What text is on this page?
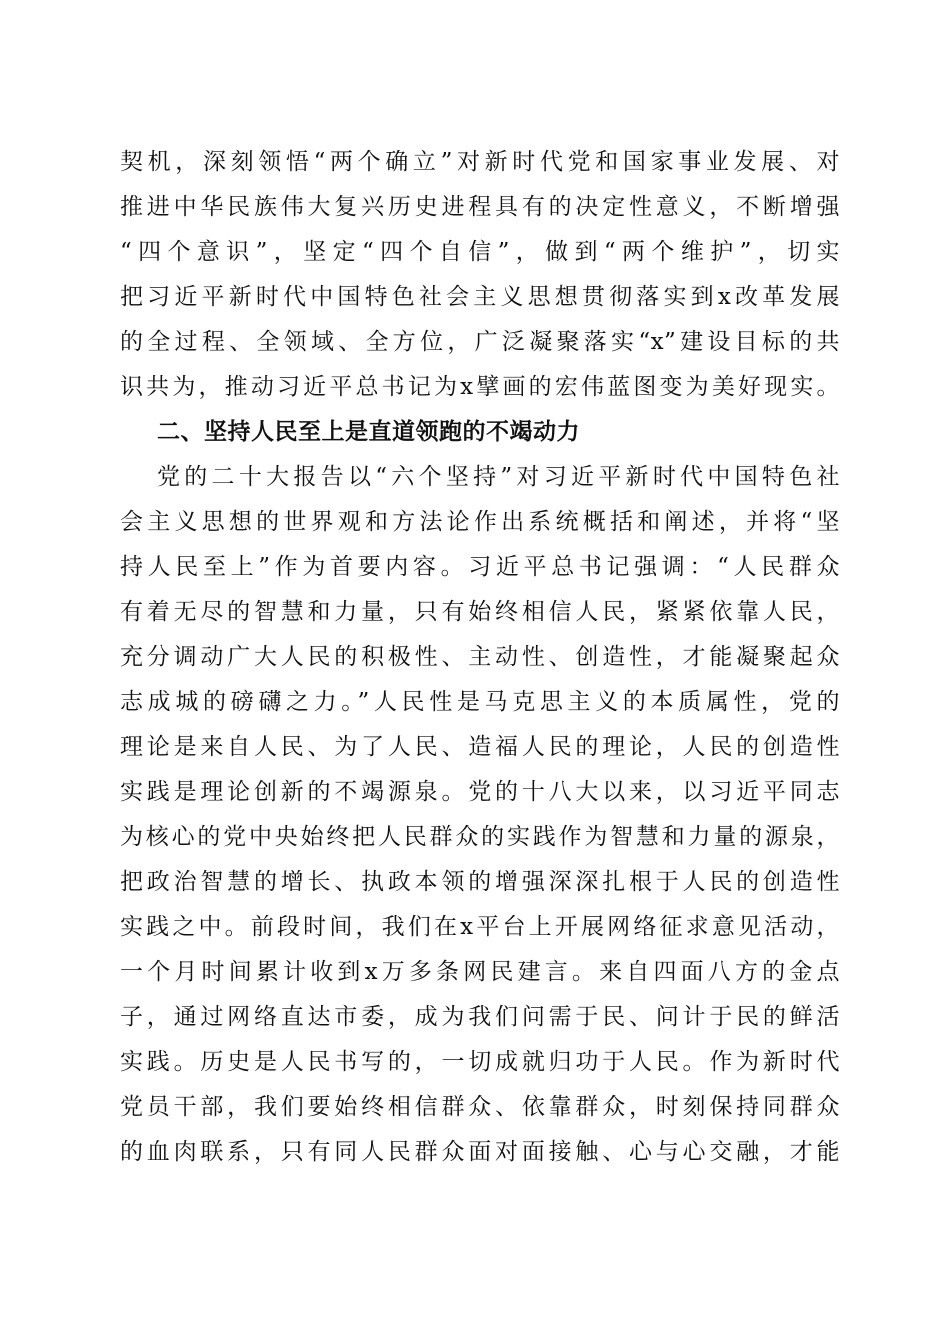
契机，深刻领悟“两个确立”对新时代党和国家事业发展、对
推进中华民族伟大复兴历史进程具有的决定性意义，不断增强
“四个意识”，坚定“四个自信”，做到“两个维护”，切实
把习近平新时代中国特色社会主义思想贯彻落实到x改革发展
的全过程、全领域、全方位，广泛凝聚落实“x”建设目标的共
识共为，推动习近平总书记为x擘画的宏伟蓝图变为美好现实。
二、坚持人民至上是直道领跑的不竭动力
党的二十大报告以“六个坚持”对习近平新时代中国特色社
会主义思想的世界观和方法论作出系统概括和阐述，并将“坚
持人民至上”作为首要内容。习近平总书记强调：“人民群众
有着无尽的智慧和力量，只有始终相信人民，紧紧依靠人民，
充分调动广大人民的积极性、主动性、创造性，才能凝聚起众
志成城的磅礴之力。”人民性是马克思主义的本质属性，党的
理论是来自人民、为了人民、造福人民的理论，人民的创造性
实践是理论创新的不竭源泉。党的十八大以来，以习近平同志
为核心的党中央始终把人民群众的实践作为智慧和力量的源泉，
把政治智慧的增长、执政本领的增强深深扎根于人民的创造性
实践之中。前段时间，我们在x平台上开展网络征求意见活动，
一个月时间累计收到x万多条网民建言。来自四面八方的金点
子，通过网络直达市委，成为我们问需于民、问计于民的鲜活
实践。历史是人民书写的，一切成就归功于人民。作为新时代
党员干部，我们要始终相信群众、依靠群众，时刻保持同群众
的血肉联系，只有同人民群众面对面接触、心与心交融，才能
